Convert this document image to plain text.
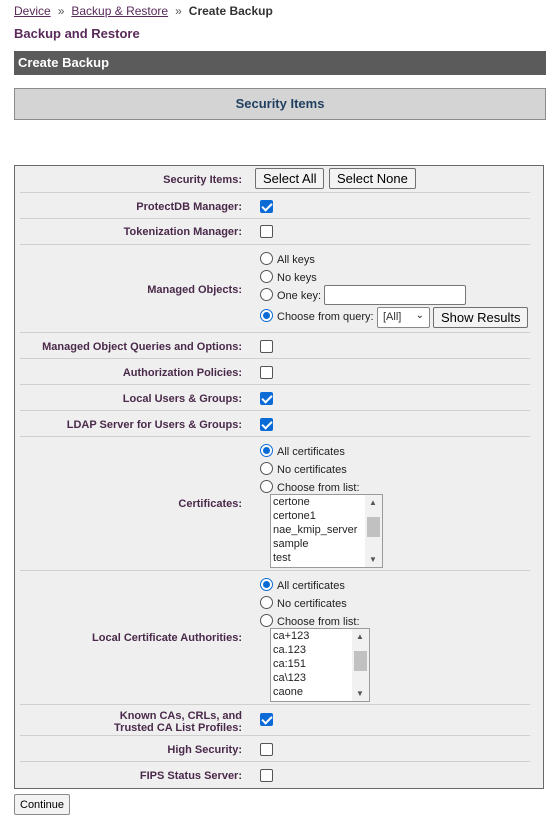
Device » Backup & Restore » Create Backup
Backup and Restore
Create Backup
Security Items
Security Items:	Select All	Select None
ProtectDB Manager:
Tokenization Manager:
Managed Objects:
All keys
No keys
One key:
Choose from query: [All] ⌄	Show Results
Managed Object Queries and Options:
Authorization Policies:
Local Users & Groups:
LDAP Server for Users & Groups:
Certificates:
All certificates
No certificates
Choose from list:
certone
certone1
nae_kmip_server
sample
test
▲
▼
Local Certificate Authorities:
All certificates
No certificates
Choose from list:
ca+123
ca.123
ca:151
ca\123
caone
▲
▼
Known CAs, CRLs, and
Trusted CA List Profiles:
High Security:
FIPS Status Server:
Continue
